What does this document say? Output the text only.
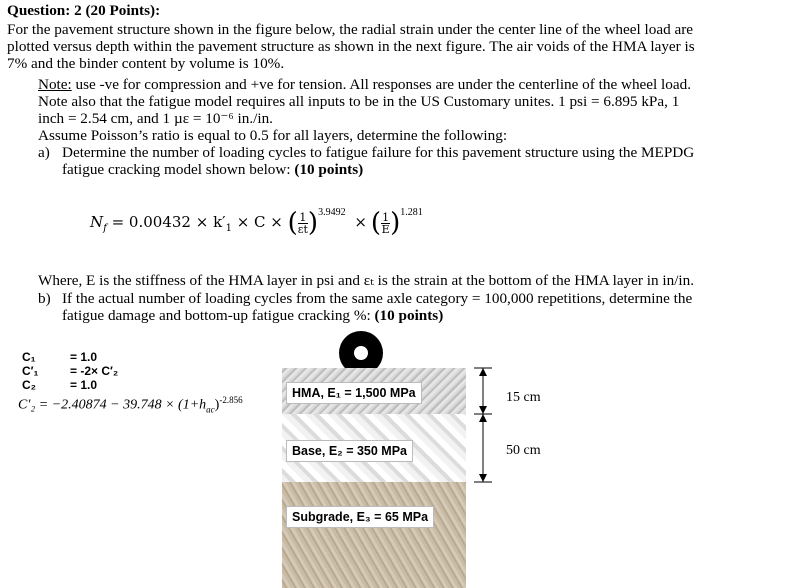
Question: 2 (20 Points):
For the pavement structure shown in the figure below, the radial strain under the center line of the wheel load are
plotted versus depth within the pavement structure as shown in the next figure. The air voids of the HMA layer is
7% and the binder content by volume is 10%.
Note: use -ve for compression and +ve for tension. All responses are under the centerline of the wheel load.
Note also that the fatigue model requires all inputs to be in the US Customary unites. 1 psi = 6.895 kPa, 1
inch = 2.54 cm, and 1 µε = 10⁻⁶ in./in.
Assume Poisson’s ratio is equal to 0.5 for all layers, determine the following:
a) Determine the number of loading cycles to fatigue failure for this pavement structure using the MEPDG
fatigue cracking model shown below: (10 points)
$N_f = 0.00432 \times k'_1 \times C$ × ( $\frac{1}{\varepsilon t})^{3.9492}$ × ( $\frac{1}{E})^{1.281}$
Where, E is the stiffness of the HMA layer in psi and εₜ is the strain at the bottom of the HMA layer in in/in.
b) If the actual number of loading cycles from the same axle category = 100,000 repetitions, determine the
fatigue damage and bottom-up fatigue cracking %: (10 points)
C₁
C′₁
C₂
= 1.0
= -2× C′₂
= 1.0
$C'_2 = -2.40874 - 39.748 \times (1+h_{ac})^{-2.856}$	HMA, E₁ = 1,500 MPa
Base, E₂ = 350 MPa
Subgrade, E₃ = 65 MPa
15 cm
50 cm
